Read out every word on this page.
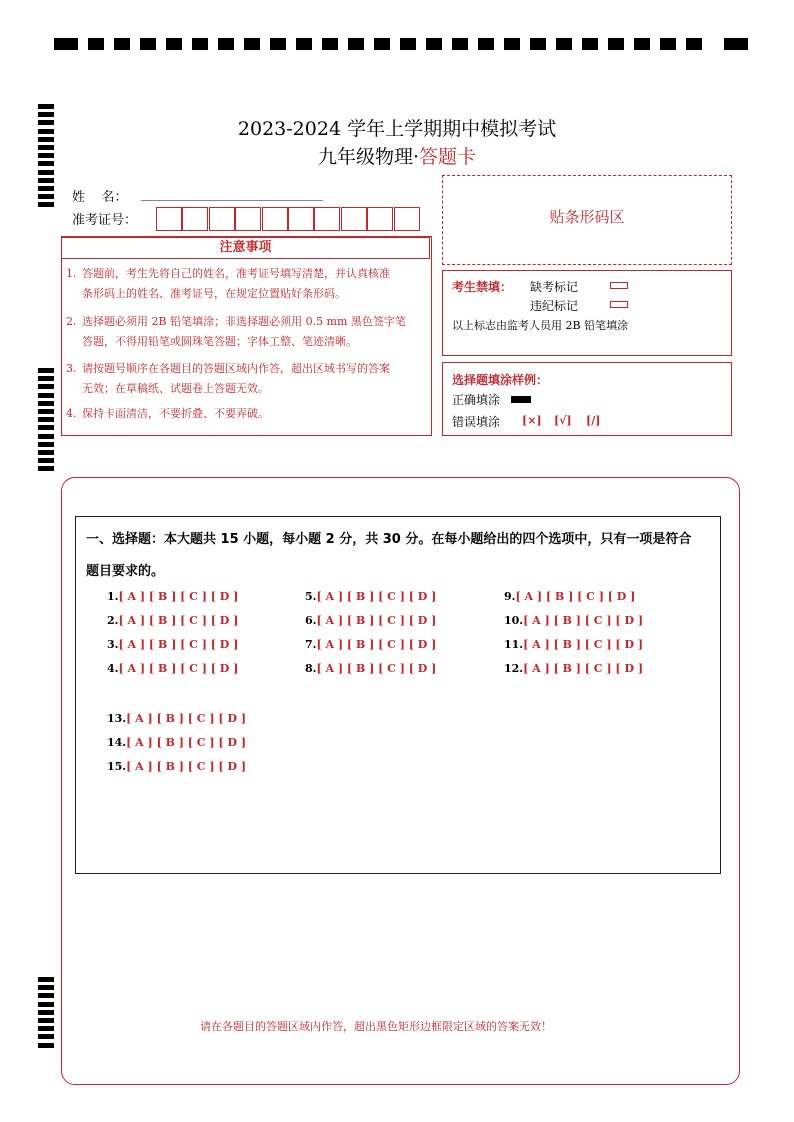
2023-2024 学年上学期期中模拟考试
九年级物理·答题卡
姓    名：
准考证号：
注意事项
1. 答题前，考生先将自己的姓名，准考证号填写清楚，并认真核准
条形码上的姓名、准考证号，在规定位置贴好条形码。
2. 选择题必须用 2B 铅笔填涂；非选择题必须用 0.5 mm 黑色签字笔
答题，不得用铅笔或圆珠笔答题；字体工整、笔迹清晰。
3. 请按题号顺序在各题目的答题区域内作答，超出区域书写的答案
无效；在草稿纸、试题卷上答题无效。
4. 保持卡面清洁，不要折叠、不要弄破。
贴条形码区
考生禁填： 缺考标记
违纪标记
以上标志由监考人员用 2B 铅笔填涂
选择题填涂样例：
正确填涂
错误填涂 [×] [√] [/]
一、选择题：本大题共 15 小题，每小题 2 分，共 30 分。在每小题给出的四个选项中，只有一项是符合
题目要求的。
1.[ A ] [ B ] [ C ] [ D ]
2.[ A ] [ B ] [ C ] [ D ]
3.[ A ] [ B ] [ C ] [ D ]
4.[ A ] [ B ] [ C ] [ D ]
5.[ A ] [ B ] [ C ] [ D ]
6.[ A ] [ B ] [ C ] [ D ]
7.[ A ] [ B ] [ C ] [ D ]
8.[ A ] [ B ] [ C ] [ D ]
9.[ A ] [ B ] [ C ] [ D ]
10.[ A ] [ B ] [ C ] [ D ]
11.[ A ] [ B ] [ C ] [ D ]
12.[ A ] [ B ] [ C ] [ D ]
13.[ A ] [ B ] [ C ] [ D ]
14.[ A ] [ B ] [ C ] [ D ]
15.[ A ] [ B ] [ C ] [ D ]
请在各题目的答题区域内作答，超出黑色矩形边框限定区域的答案无效！
